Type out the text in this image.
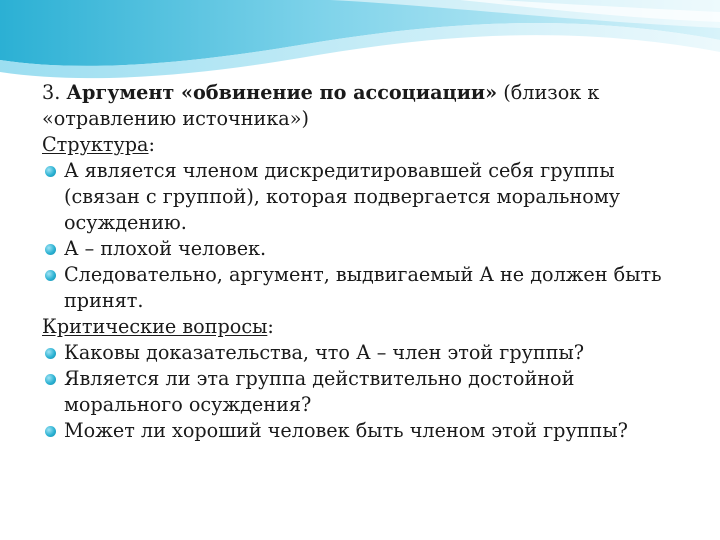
3. Аргумент «обвинение по ассоциации» (близок к «отравлению источника»)

Структура:

А является членом дискредитировавшей себя группы (связан с группой), которая подвергается моральному осуждению.
А – плохой человек.
Следовательно, аргумент, выдвигаемый А не должен быть принят.

Критические вопросы:

Каковы доказательства, что А – член этой группы?
Является ли эта группа действительно достойной морального осуждения?
Может ли хороший человек быть членом этой группы?
